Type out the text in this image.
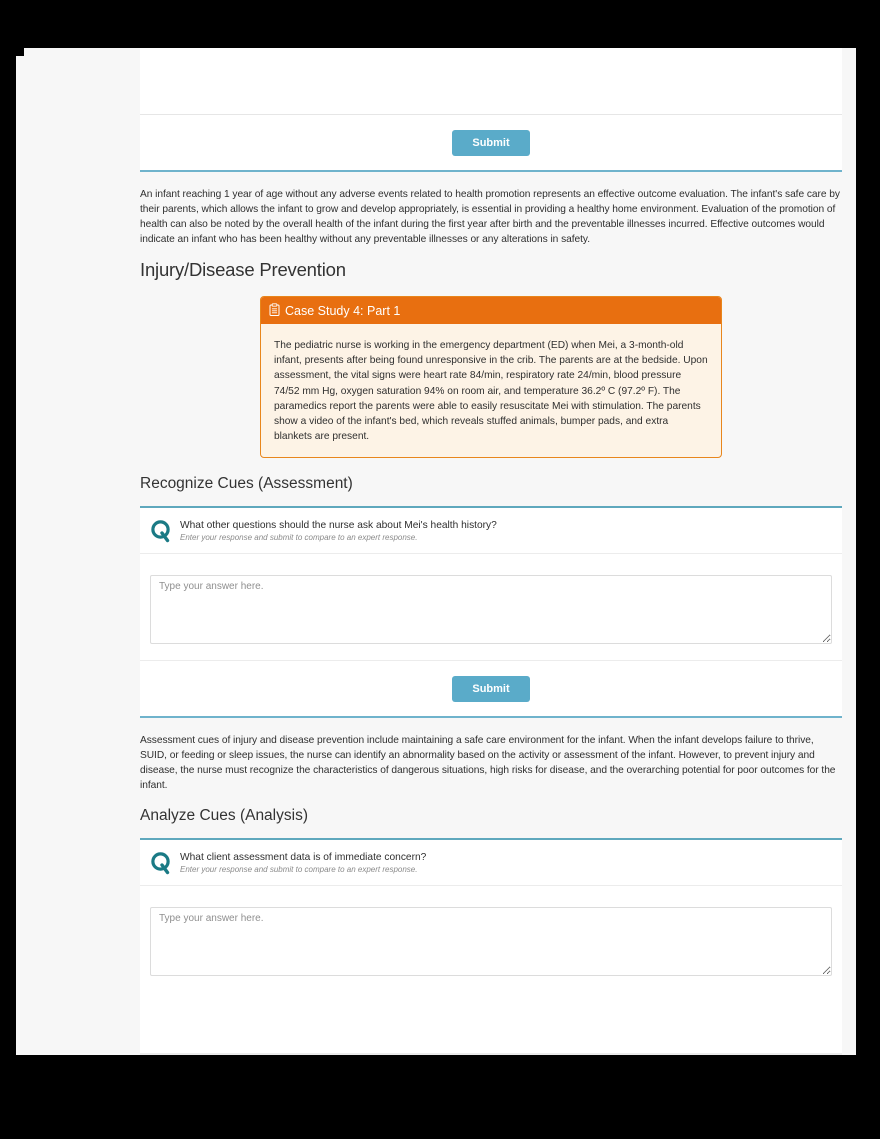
Submit

An infant reaching 1 year of age without any adverse events related to health promotion represents an effective outcome evaluation. The infant's safe care by their parents, which allows the infant to grow and develop appropriately, is essential in providing a healthy home environment. Evaluation of the promotion of health can also be noted by the overall health of the infant during the first year after birth and the preventable illnesses incurred. Effective outcomes would indicate an infant who has been healthy without any preventable illnesses or any alterations in safety.

Injury/Disease Prevention
Case Study 4: Part 1
The pediatric nurse is working in the emergency department (ED) when Mei, a 3-month-old infant, presents after being found unresponsive in the crib. The parents are at the bedside. Upon assessment, the vital signs were heart rate 84/min, respiratory rate 24/min, blood pressure 74/52 mm Hg, oxygen saturation 94% on room air, and temperature 36.2º C (97.2º F). The paramedics report the parents were able to easily resuscitate Mei with stimulation. The parents show a video of the infant's bed, which reveals stuffed animals, bumper pads, and extra blankets are present.
Recognize Cues (Assessment)
What other questions should the nurse ask about Mei's health history?
Enter your response and submit to compare to an expert response.
Type your answer here.
Submit

Assessment cues of injury and disease prevention include maintaining a safe care environment for the infant. When the infant develops failure to thrive, SUID, or feeding or sleep issues, the nurse can identify an abnormality based on the activity or assessment of the infant. However, to prevent injury and disease, the nurse must recognize the characteristics of dangerous situations, high risks for disease, and the overarching potential for poor outcomes for the infant.

Analyze Cues (Analysis)
What client assessment data is of immediate concern?
Enter your response and submit to compare to an expert response.
Type your answer here.
